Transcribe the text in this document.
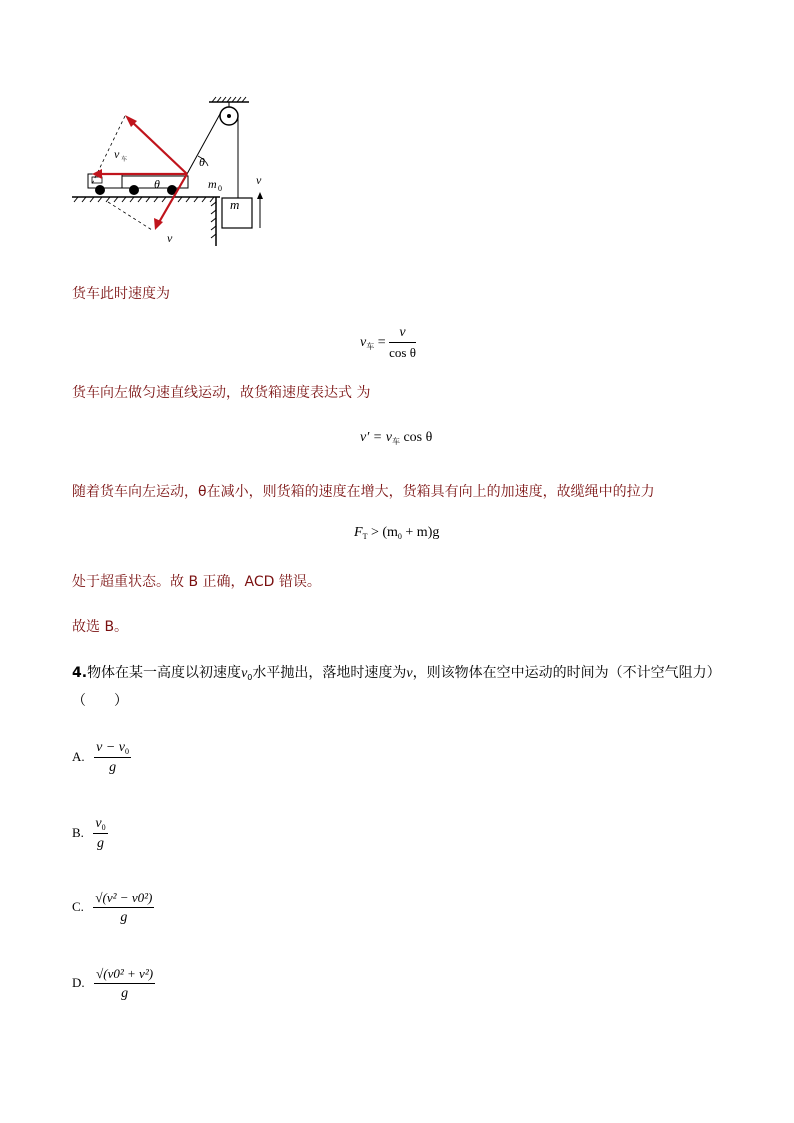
v 车	θ
θ	m 0
m
v
v
货车此时速度为
$v_车 = \frac{v}{\text{cos θ}}$
货车向左做匀速直线运动，故货箱速度表达式 为
$v' = v_车$ cos θ
随着货车向左运动，θ在减小，则货箱的速度在增大，货箱具有向上的加速度，故缆绳中的拉力
$F_T > (m_0 + m)g$
处于超重状态。故 B 正确，ACD 错误。
故选 B。
4.物体在某一高度以初速度$v_0$水平抛出，落地时速度为v，则该物体在空中运动的时间为（不计空气阻力）
（　　）
A. $\frac{v - v_0}{g}$
B. $\frac{v_0}{g}$
C. $\frac{\text{√(v² − v0²)}}{g}$
D. $\frac{\text{√(v0² + v²)}}{g}$
